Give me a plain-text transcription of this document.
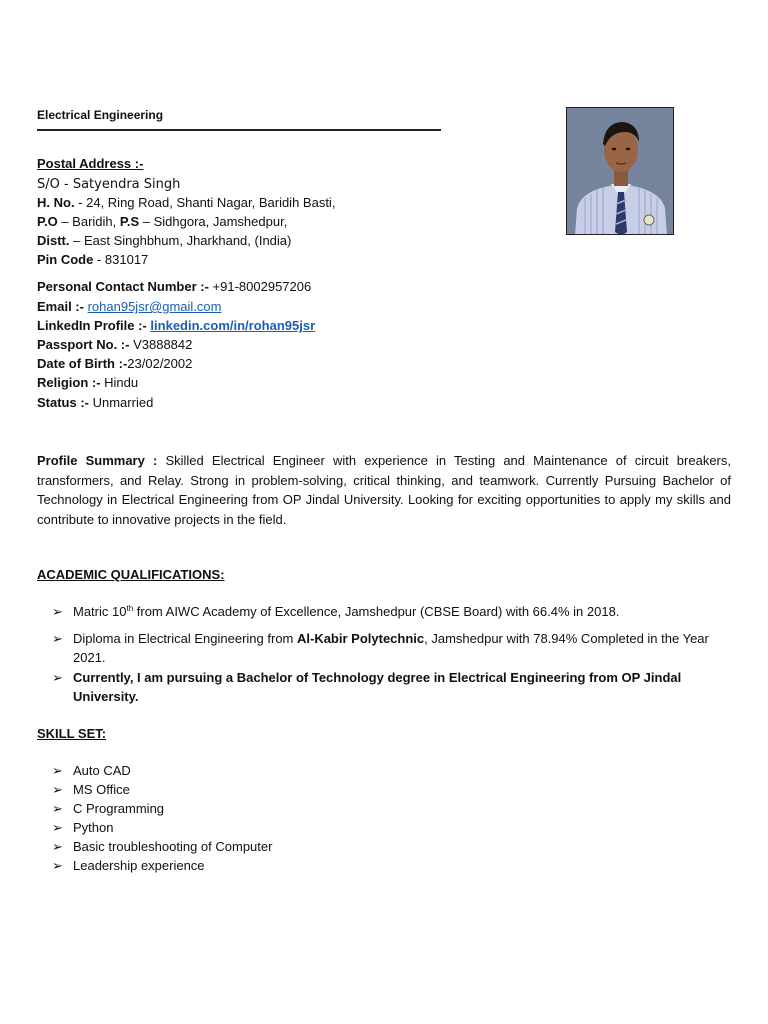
Electrical Engineering
Postal Address :-
S/O - Satyendra Singh
H. No. - 24, Ring Road, Shanti Nagar, Baridih Basti,
P.O – Baridih, P.S – Sidhgora, Jamshedpur,
Distt. – East Singhbhum, Jharkhand, (India)
Pin Code - 831017
Personal Contact Number :- +91-8002957206
Email :- rohan95jsr@gmail.com
LinkedIn Profile :- linkedin.com/in/rohan95jsr
Passport No. :- V3888842
Date of Birth :-23/02/2002
Religion :- Hindu
Status :- Unmarried
Profile Summary : Skilled Electrical Engineer with experience in Testing and Maintenance of circuit breakers, transformers, and Relay. Strong in problem-solving, critical thinking, and teamwork. Currently Pursuing Bachelor of Technology in Electrical Engineering from OP Jindal University. Looking for exciting opportunities to apply my skills and contribute to innovative projects in the field.
ACADEMIC QUALIFICATIONS:
➢ Matric 10th from AIWC Academy of Excellence, Jamshedpur (CBSE Board) with 66.4% in 2018.
➢ Diploma in Electrical Engineering from Al-Kabir Polytechnic, Jamshedpur with 78.94% Completed in the Year 2021.
➢ Currently, I am pursuing a Bachelor of Technology degree in Electrical Engineering from OP Jindal University.
SKILL SET:
➢ Auto CAD
➢ MS Office
➢ C Programming
➢ Python
➢ Basic troubleshooting of Computer
➢ Leadership experience
